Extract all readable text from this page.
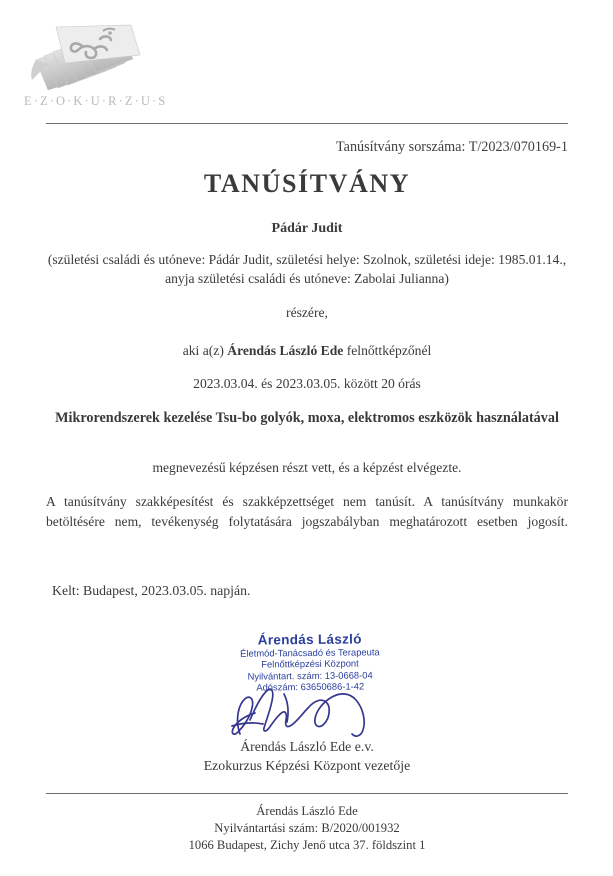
E·Z·O·K·U·R·Z·U·S
Tanúsítvány sorszáma: T/2023/070169-1
TANÚSÍTVÁNY
Pádár Judit
(születési családi és utóneve: Pádár Judit, születési helye: Szolnok, születési ideje: 1985.01.14., anyja születési családi és utóneve: Zabolai Julianna)
részére,
aki a(z) Árendás László Ede felnőttképzőnél
2023.03.04. és 2023.03.05. között 20 órás
Mikrorendszerek kezelése Tsu-bo golyók, moxa, elektromos eszközök használatával
megnevezésű képzésen részt vett, és a képzést elvégezte.
A tanúsítvány szakképesítést és szakképzettséget nem tanúsít. A tanúsítvány munkakör betöltésére nem, tevékenység folytatására jogszabályban meghatározott esetben jogosít.
Kelt: Budapest, 2023.03.05. napján.
Árendás László
Életmód-Tanácsadó és Terapeuta
Felnőttképzési Központ
Nyilvántart. szám: 13-0668-04
Adószám: 63650686-1-42
Árendás László Ede e.v.
Ezokurzus Képzési Központ vezetője
Árendás László Ede
Nyilvántartási szám: B/2020/001932
1066 Budapest, Zichy Jenő utca 37. földszint 1
